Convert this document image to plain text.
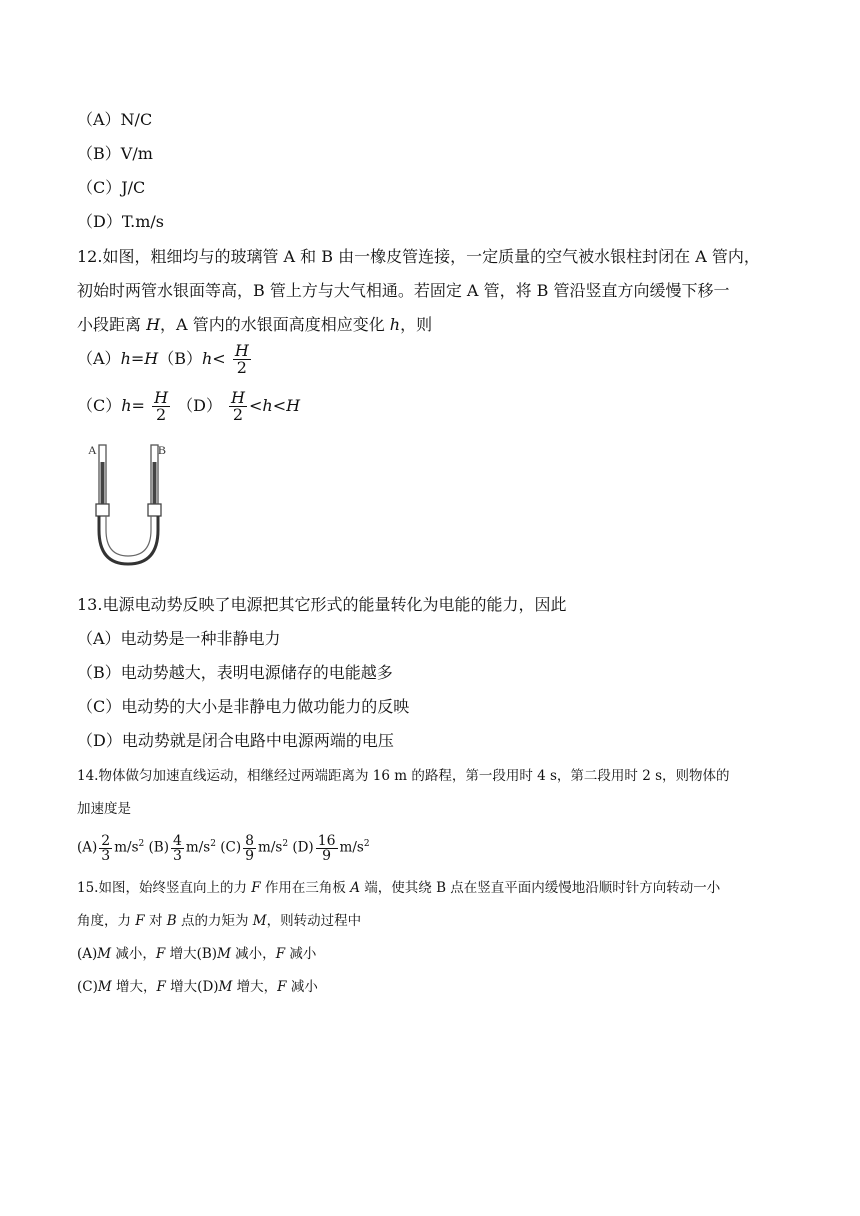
（A）N/C
（B）V/m
（C）J/C
（D）T.m/s
12.如图，粗细均与的玻璃管 A 和 B 由一橡皮管连接，一定质量的空气被水银柱封闭在 A 管内，
初始时两管水银面等高，B 管上方与大气相通。若固定 A 管，将 B 管沿竖直方向缓慢下移一
小段距离 H，A 管内的水银面高度相应变化 h，则
$(A)h=H(B)h< \frac{H}{2}$
$(C)h= \frac{H}{2} (D) \frac{H}{2} <h<H$
A	B
13.电源电动势反映了电源把其它形式的能量转化为电能的能力，因此
（A）电动势是一种非静电力
（B）电动势越大，表明电源储存的电能越多
（C）电动势的大小是非静电力做功能力的反映
（D）电动势就是闭合电路中电源两端的电压
14.物体做匀加速直线运动，相继经过两端距离为 16 m 的路程，第一段用时 4 s，第二段用时 2 s，则物体的
加速度是
$(A) \frac{2}{3} m/s^2$ $(B) \frac{4}{3} m/s^2$ $(C) \frac{8}{9} m/s^2$ $(D) \frac{16}{9} m/s^2$
15.如图，始终竖直向上的力 F 作用在三角板 A 端，使其绕 B 点在竖直平面内缓慢地沿顺时针方向转动一小
角度，力 F 对 B 点的力矩为 M，则转动过程中
(A)M 减小，F 增大(B)M 减小，F 减小
(C)M 增大，F 增大(D)M 增大，F 减小
